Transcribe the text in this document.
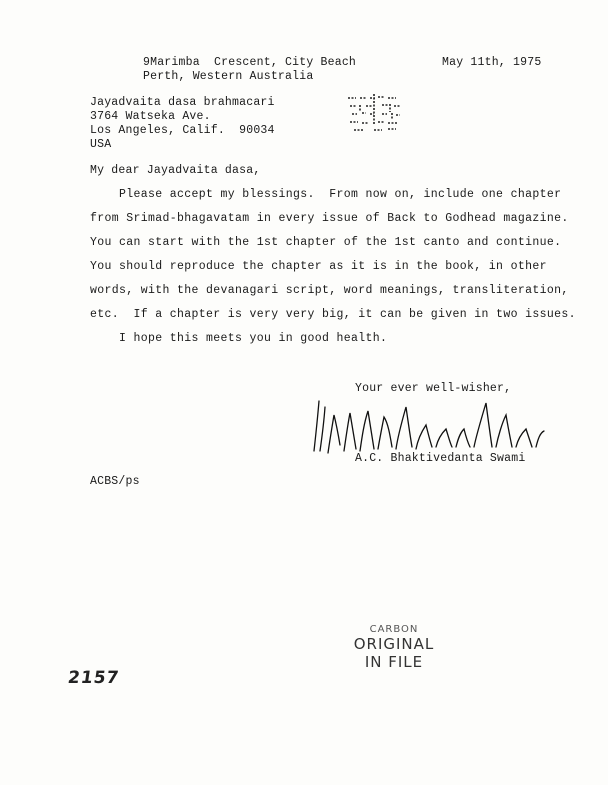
9Marimba  Crescent, City Beach
Perth, Western Australia
May 11th, 1975
Jayadvaita dasa brahmacari
3764 Watseka Ave.
Los Angeles, Calif.  90034
USA
My dear Jayadvaita dasa,
Please accept my blessings.  From now on, include one chapter
from Srimad-bhagavatam in every issue of Back to Godhead magazine.
You can start with the 1st chapter of the 1st canto and continue.
You should reproduce the chapter as it is in the book, in other
words, with the devanagari script, word meanings, transliteration,
etc.  If a chapter is very very big, it can be given in two issues.
I hope this meets you in good health.
Your ever well-wisher,
A.C. Bhaktivedanta Swami
ACBS/ps
CARBON
ORIGINAL
IN FILE
2157
